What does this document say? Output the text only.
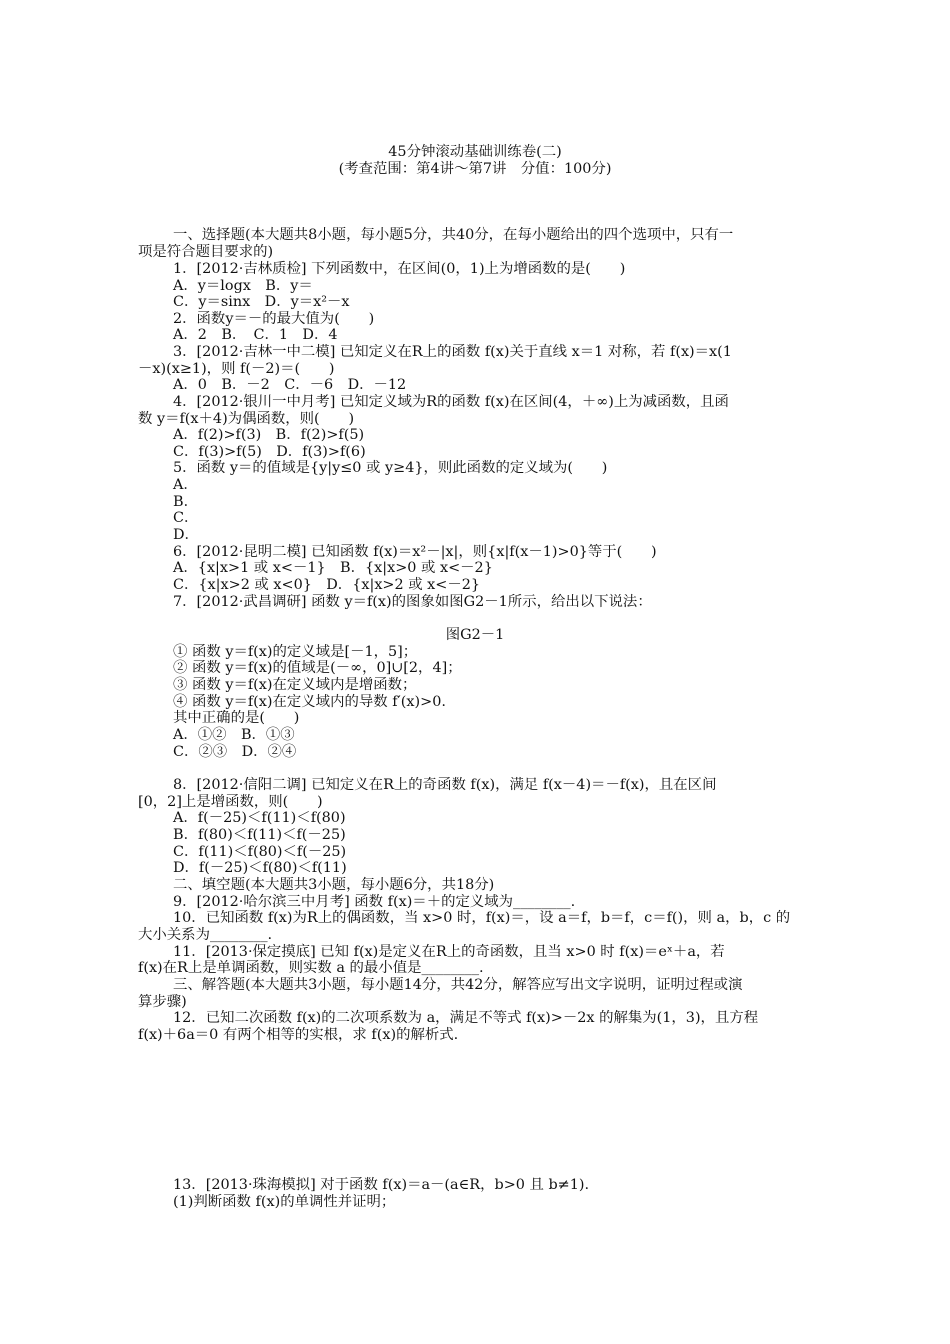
45分钟滚动基础训练卷(二)
(考查范围：第4讲～第7讲　分值：100分)
一、选择题(本大题共8小题，每小题5分，共40分，在每小题给出的四个选项中，只有一
项是符合题目要求的)
1．[2012·吉林质检] 下列函数中，在区间(0，1)上为增函数的是(　　)
A．y＝logx　B．y＝
C．y＝sinx　D．y＝x²－x
2．函数y＝－的最大值为(　　)
A．2　B．　C．1　D．4
3．[2012·吉林一中二模] 已知定义在R上的函数 f(x)关于直线 x＝1 对称，若 f(x)＝x(1
－x)(x≥1)，则 f(－2)＝(　　)
A．0　B．－2　C．－6　D．－12
4．[2012·银川一中月考] 已知定义域为R的函数 f(x)在区间(4，＋∞)上为减函数，且函
数 y＝f(x＋4)为偶函数，则(　　)
A．f(2)>f(3)　B．f(2)>f(5)
C．f(3)>f(5)　D．f(3)>f(6)
5．函数 y＝的值域是{y|y≤0 或 y≥4}，则此函数的定义域为(　　)
A．
B．
C．
D．
6．[2012·昆明二模] 已知函数 f(x)＝x²－|x|，则{x|f(x－1)>0}等于(　　)
A．{x|x>1 或 x<－1}　B．{x|x>0 或 x<－2}
C．{x|x>2 或 x<0}　D．{x|x>2 或 x<－2}
7．[2012·武昌调研] 函数 y＝f(x)的图象如图G2－1所示，给出以下说法：
图G2－1
① 函数 y＝f(x)的定义域是[－1，5]；
② 函数 y＝f(x)的值域是(－∞，0]∪[2，4]；
③ 函数 y＝f(x)在定义域内是增函数；
④ 函数 y＝f(x)在定义域内的导数 f′(x)>0.
其中正确的是(　　)
A．①②　B．①③
C．②③　D．②④
8．[2012·信阳二调] 已知定义在R上的奇函数 f(x)，满足 f(x－4)＝－f(x)，且在区间
[0，2]上是增函数，则(　　)
A．f(－25)＜f(11)＜f(80)
B．f(80)＜f(11)＜f(－25)
C．f(11)＜f(80)＜f(－25)
D．f(－25)＜f(80)＜f(11)
二、填空题(本大题共3小题，每小题6分，共18分)
9．[2012·哈尔滨三中月考] 函数 f(x)＝＋的定义域为________.
10．已知函数 f(x)为R上的偶函数，当 x>0 时，f(x)＝，设 a＝f，b＝f，c＝f()，则 a，b，c 的
大小关系为________.
11．[2013·保定摸底] 已知 f(x)是定义在R上的奇函数，且当 x>0 时 f(x)＝eˣ＋a，若
f(x)在R上是单调函数，则实数 a 的最小值是________.
三、解答题(本大题共3小题，每小题14分，共42分，解答应写出文字说明，证明过程或演
算步骤)
12．已知二次函数 f(x)的二次项系数为 a，满足不等式 f(x)>－2x 的解集为(1，3)，且方程
f(x)＋6a＝0 有两个相等的实根，求 f(x)的解析式.
13．[2013·珠海模拟] 对于函数 f(x)＝a－(a∈R，b>0 且 b≠1).
(1)判断函数 f(x)的单调性并证明；
